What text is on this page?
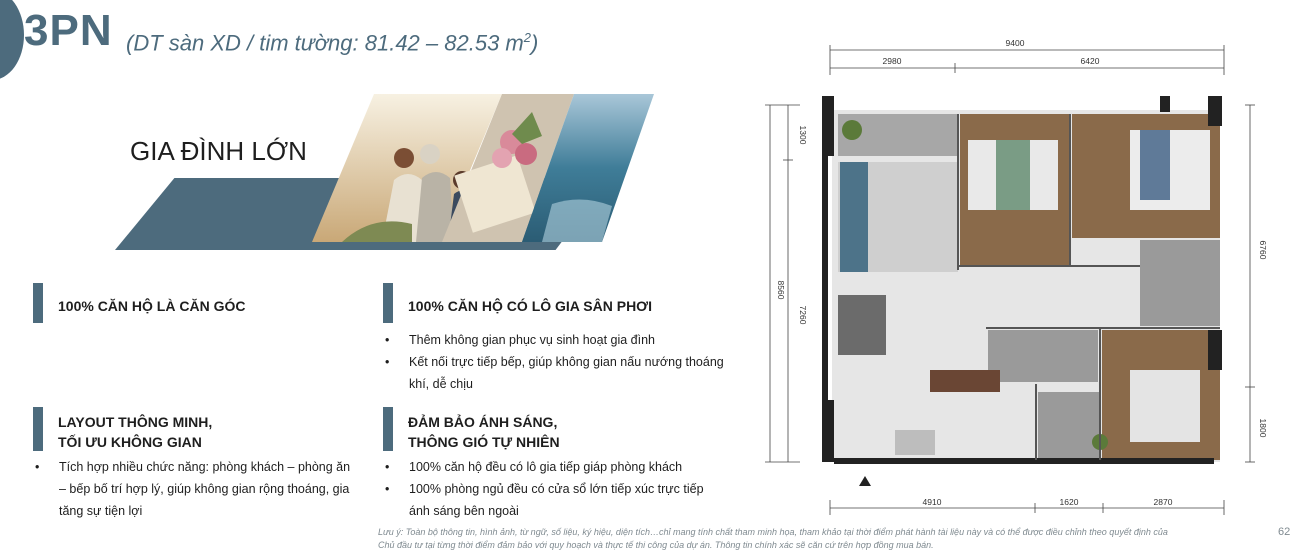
3PN (DT sàn XD / tim tường: 81.42 – 82.53 $m^2$)
GIA ĐÌNH LỚN
100% CĂN HỘ LÀ CĂN GÓC	100% CĂN HỘ CÓ LÔ GIA SÂN PHƠI
• Thêm không gian phục vụ sinh hoạt gia đình
• Kết nối trực tiếp bếp, giúp không gian nấu nướng thoáng khí, dễ chịu
LAYOUT THÔNG MINH,
TỐI ƯU KHÔNG GIAN
• Tích hợp nhiều chức năng: phòng khách – phòng ăn – bếp bố trí hợp lý, giúp không gian rộng thoáng, gia tăng sự tiện lợi
ĐẢM BẢO ÁNH SÁNG,
THÔNG GIÓ TỰ NHIÊN
• 100% căn hộ đều có lô gia tiếp giáp phòng khách
• 100% phòng ngủ đều có cửa sổ lớn tiếp xúc trực tiếp ánh sáng bên ngoài
9400
2980	6420
8560
1300
7260
6760
1800
4910	1620	2870
Lưu ý: Toàn bộ thông tin, hình ảnh, từ ngữ, số liệu, ký hiệu, diện tích…chỉ mang tính chất tham minh họa, tham khảo tại thời điểm phát hành tài liệu này và có thể được điều chỉnh theo quyết định của
Chủ đầu tư tại từng thời điểm đảm bảo với quy hoạch và thực tế thi công của dự án. Thông tin chính xác sẽ căn cứ trên hợp đồng mua bán.
62
